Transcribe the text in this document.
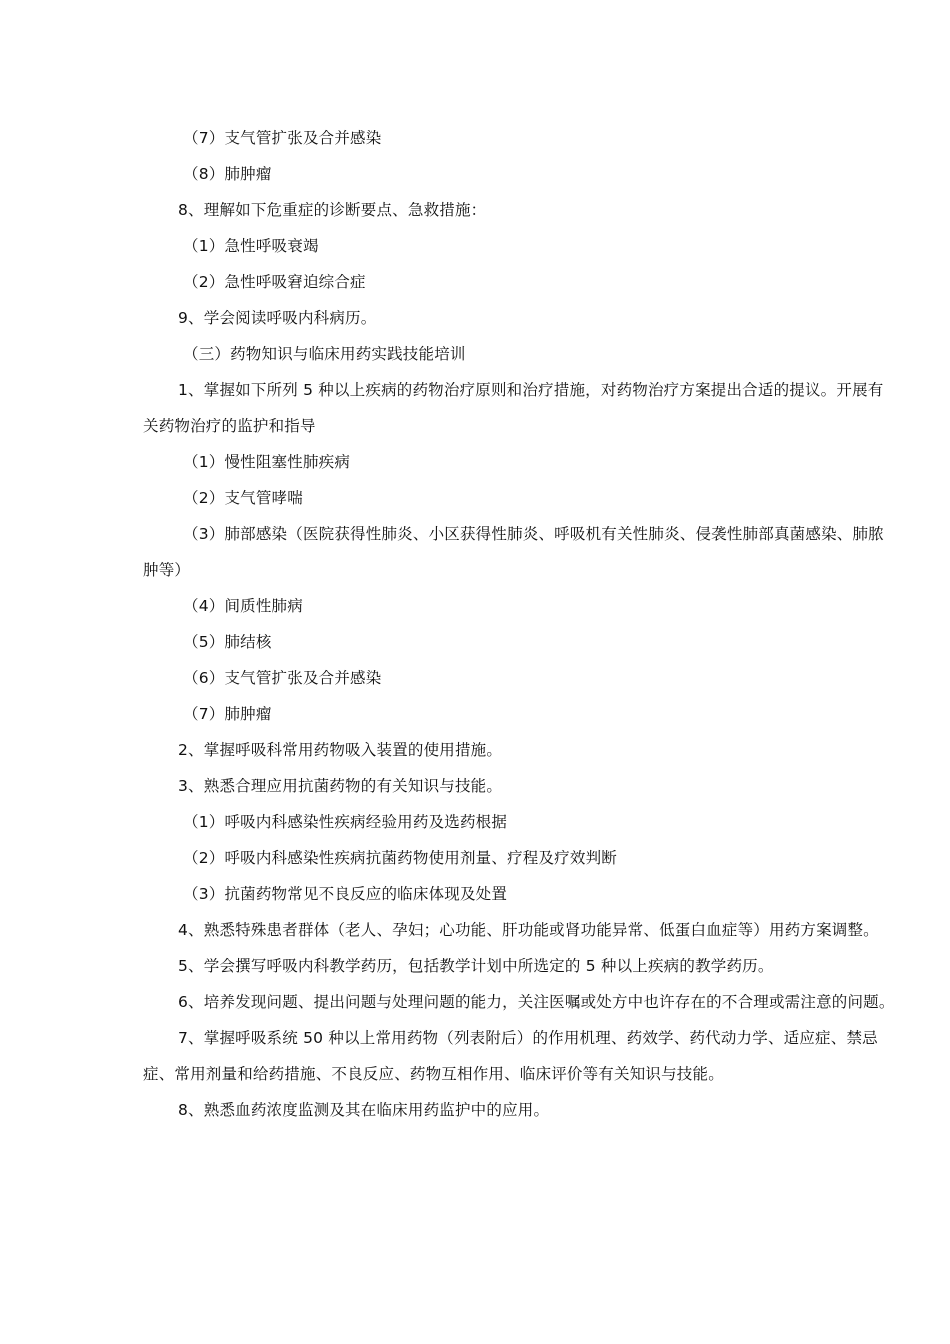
（7）支气管扩张及合并感染

（8）肺肿瘤

8、理解如下危重症的诊断要点、急救措施：

（1）急性呼吸衰竭

（2）急性呼吸窘迫综合症

9、学会阅读呼吸内科病历。

（三）药物知识与临床用药实践技能培训

1、掌握如下所列 5 种以上疾病的药物治疗原则和治疗措施，对药物治疗方案提出合适的提议。开展有关药物治疗的监护和指导

（1）慢性阻塞性肺疾病

（2）支气管哮喘

（3）肺部感染（医院获得性肺炎、小区获得性肺炎、呼吸机有关性肺炎、侵袭性肺部真菌感染、肺脓肿等）

（4）间质性肺病

（5）肺结核

（6）支气管扩张及合并感染

（7）肺肿瘤

2、掌握呼吸科常用药物吸入装置的使用措施。

3、熟悉合理应用抗菌药物的有关知识与技能。

（1）呼吸内科感染性疾病经验用药及选药根据

（2）呼吸内科感染性疾病抗菌药物使用剂量、疗程及疗效判断

（3）抗菌药物常见不良反应的临床体现及处置

4、熟悉特殊患者群体（老人、孕妇；心功能、肝功能或肾功能异常、低蛋白血症等）用药方案调整。

5、学会撰写呼吸内科教学药历，包括教学计划中所选定的 5 种以上疾病的教学药历。

6、培养发现问题、提出问题与处理问题的能力，关注医嘱或处方中也许存在的不合理或需注意的问题。

7、掌握呼吸系统 50 种以上常用药物（列表附后）的作用机理、药效学、药代动力学、适应症、禁忌症、常用剂量和给药措施、不良反应、药物互相作用、临床评价等有关知识与技能。

8、熟悉血药浓度监测及其在临床用药监护中的应用。
